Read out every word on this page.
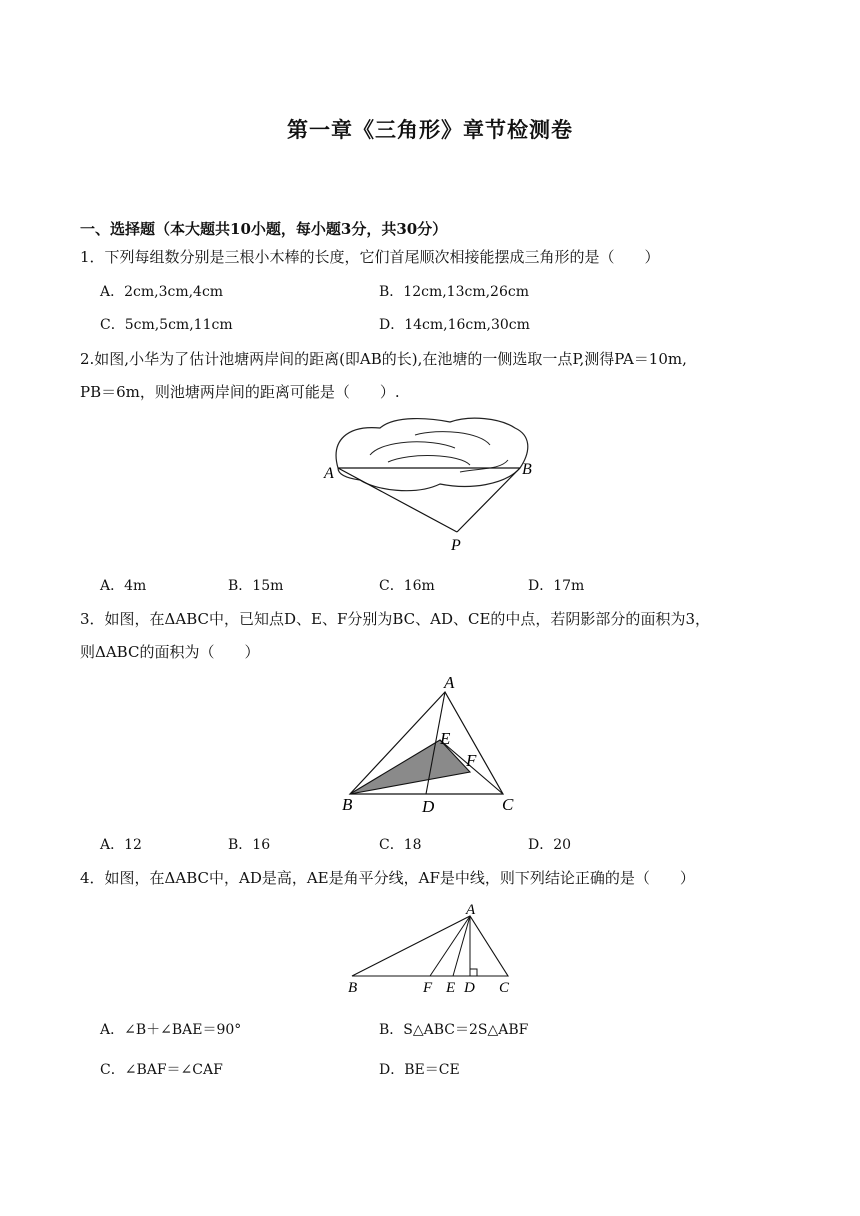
第一章《三角形》章节检测卷
一、选择题（本大题共10小题，每小题3分，共30分）
1．下列每组数分别是三根小木棒的长度，它们首尾顺次相接能摆成三角形的是（　　）
A．2cm,3cm,4cm	B．12cm,13cm,26cm
C．5cm,5cm,11cm	D．14cm,16cm,30cm
2.如图,小华为了估计池塘两岸间的距离(即AB的长),在池塘的一侧选取一点P,测得PA＝10m,
PB＝6m，则池塘两岸间的距离可能是（　　）.
A	B
P
A．4m	B．15m	C．16m	D．17m
3．如图，在ΔABC中，已知点D、E、F分别为BC、AD、CE的中点，若阴影部分的面积为3，
则ΔABC的面积为（　　）
A
E
F
B	D	C
A．12	B．16	C．18	D．20
4．如图，在ΔABC中，AD是高，AE是角平分线，AF是中线，则下列结论正确的是（　　）
A
B	F E D C
A．∠B＋∠BAE＝90°	B．S△ABC＝2S△ABF
C．∠BAF＝∠CAF	D．BE＝CE
